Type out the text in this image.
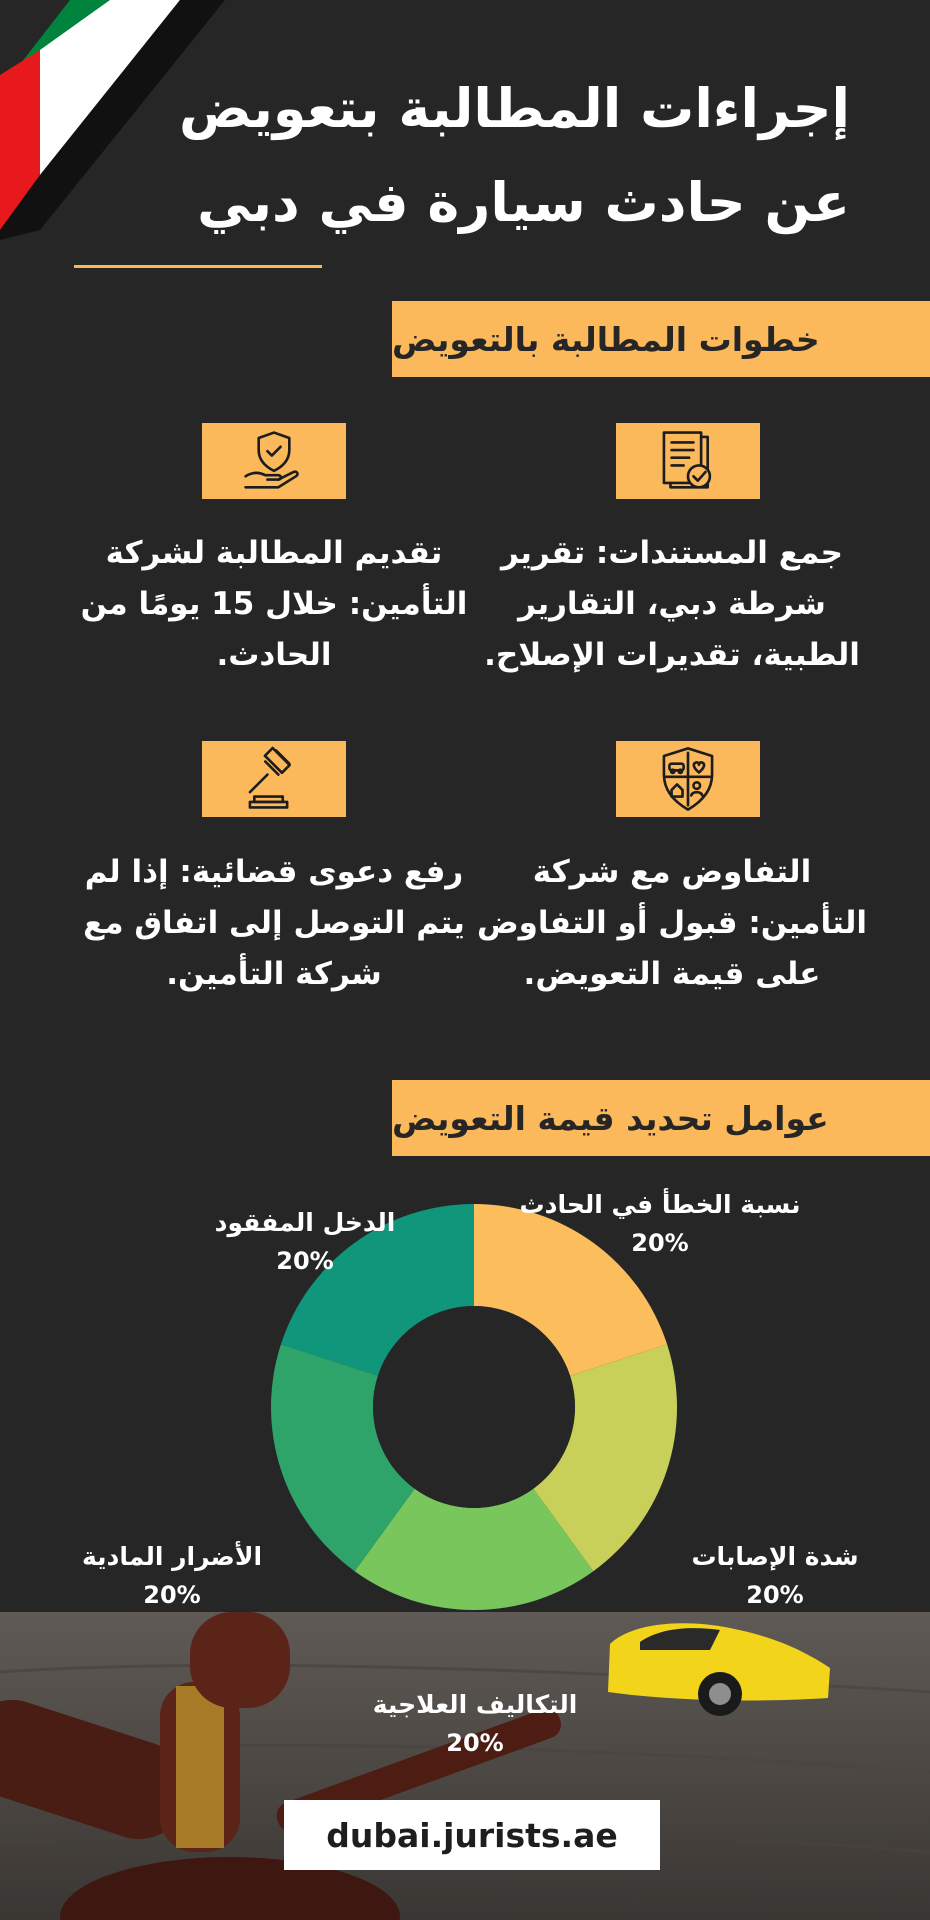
إجراءات المطالبة بتعويض
عن حادث سيارة في دبي
خطوات المطالبة بالتعويض
جمع المستندات: تقرير شرطة دبي، التقارير الطبية، تقديرات الإصلاح.
تقديم المطالبة لشركة التأمين: خلال 15 يومًا من الحادث.
التفاوض مع شركة التأمين: قبول أو التفاوض على قيمة التعويض.
رفع دعوى قضائية: إذا لم يتم التوصل إلى اتفاق مع شركة التأمين.
عوامل تحديد قيمة التعويض
نسبة الخطأ في الحادث
20%
شدة الإصابات
20%
التكاليف العلاجية
20%
الأضرار المادية
20%
الدخل المفقود
20%
dubai.jurists.ae
